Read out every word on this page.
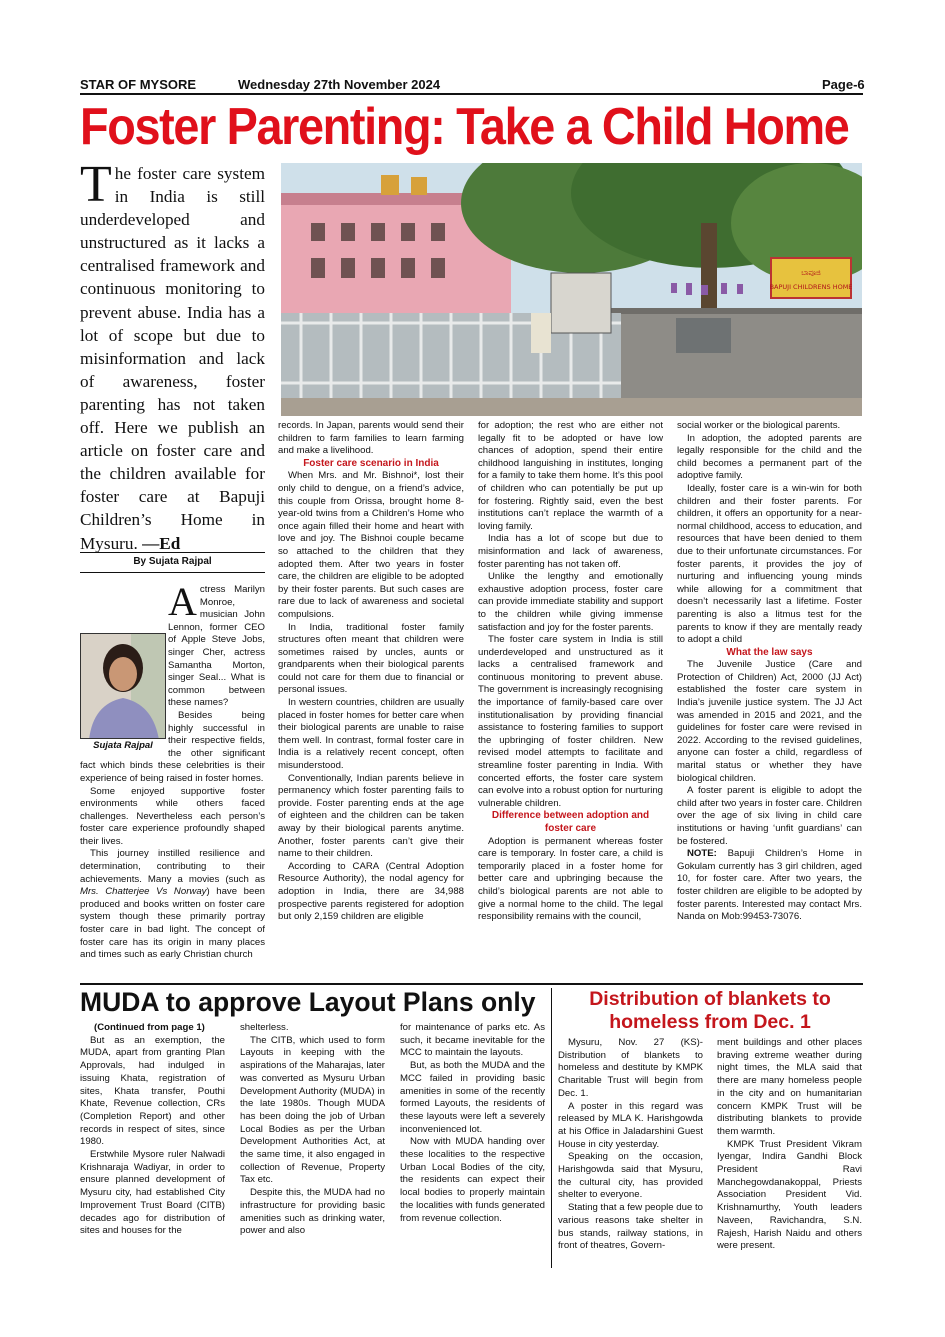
STAR OF MYSORE	Wednesday 27th November 2024	Page-6
Foster Parenting: Take a Child Home
The foster care system in India is still underdeveloped and unstructured as it lacks a centralised framework and continuous monitoring to prevent abuse. India has a lot of scope but due to misinformation and lack of awareness, foster parenting has not taken off. Here we publish an article on foster care and the children available for foster care at Bapuji Children’s Home in Mysuru. —Ed
By Sujata Rajpal
ಬಾಪೂಜಿ
BAPUJI CHILDRENS HOME
Sujata Rajpal

Actress Marilyn Monroe, musician John Lennon, former CEO of Apple Steve Jobs, singer Cher, actress Samantha Morton, singer Seal... What is common between these names?

Besides being highly successful in their respective fields, the other significant fact which binds these celebrities is their experience of being raised in foster homes.

Some enjoyed supportive foster environments while others faced challenges. Nevertheless each person’s foster care experience profoundly shaped their lives.

This journey instilled resilience and determination, contributing to their achievements. Many a movies (such as Mrs. Chatterjee Vs Norway) have been produced and books written on foster care system though these primarily portray foster care in bad light. The concept of foster care has its origin in many places and times such as early Christian church

records. In Japan, parents would send their children to farm families to learn farming and make a livelihood.

Foster care scenario in India

When Mrs. and Mr. Bishnoi*, lost their only child to dengue, on a friend’s advice, this couple from Orissa, brought home 8- year-old twins from a Children’s Home who once again filled their home and heart with love and joy. The Bishnoi couple became so attached to the children that they adopted them. After two years in foster care, the children are eligible to be adopted by their foster parents. But such cases are rare due to lack of awareness and societal compulsions.

In India, traditional foster family structures often meant that children were sometimes raised by uncles, aunts or grandparents when their biological parents could not care for them due to financial or personal issues.

In western countries, children are usually placed in foster homes for better care when their biological parents are unable to raise them well. In contrast, formal foster care in India is a relatively recent concept, often misunderstood.

Conventionally, Indian parents believe in permanency which foster parenting fails to provide. Foster parenting ends at the age of eighteen and the children can be taken away by their biological parents anytime. Another, foster parents can’t give their name to their children.

According to CARA (Central Adoption Resource Authority), the nodal agency for adoption in India, there are 34,988 prospective parents registered for adoption but only 2,159 children are eligible

for adoption; the rest who are either not legally fit to be adopted or have low chances of adoption, spend their entire childhood languishing in institutes, longing for a family to take them home. It’s this pool of children who can potentially be put up for fostering. Rightly said, even the best institutions can’t replace the warmth of a loving family.

India has a lot of scope but due to misinformation and lack of awareness, foster parenting has not taken off.

Unlike the lengthy and emotionally exhaustive adoption process, foster care can provide immediate stability and support to the children while giving immense satisfaction and joy for the foster parents.

The foster care system in India is still underdeveloped and unstructured as it lacks a centralised framework and continuous monitoring to prevent abuse. The government is increasingly recognising the importance of family-based care over institutionalisation by providing financial assistance to fostering families to support the upbringing of foster children. New revised model attempts to facilitate and streamline foster parenting in India. With concerted efforts, the foster care system can evolve into a robust option for nurturing vulnerable children.

Difference between adoption and foster care

Adoption is permanent whereas foster care is temporary. In foster care, a child is temporarily placed in a foster home for better care and upbringing because the child’s biological parents are not able to give a normal home to the child. The legal responsibility remains with the council,

social worker or the biological parents.

In adoption, the adopted parents are legally responsible for the child and the child becomes a permanent part of the adoptive family.

Ideally, foster care is a win-win for both children and their foster parents. For children, it offers an opportunity for a near-normal childhood, access to education, and resources that have been denied to them due to their unfortunate circumstances. For foster parents, it provides the joy of nurturing and influencing young minds while allowing for a commitment that doesn’t necessarily last a lifetime. Foster parenting is also a litmus test for the parents to know if they are mentally ready to adopt a child

What the law says

The Juvenile Justice (Care and Protection of Children) Act, 2000 (JJ Act) established the foster care system in India’s juvenile justice system. The JJ Act was amended in 2015 and 2021, and the guidelines for foster care were revised in 2022. According to the revised guidelines, anyone can foster a child, regardless of marital status or whether they have biological children.

A foster parent is eligible to adopt the child after two years in foster care. Children over the age of six living in child care institutions or having ‘unfit guardians’ can be fostered.

NOTE: Bapuji Children’s Home in Gokulam currently has 3 girl children, aged 10, for foster care. After two years, the foster children are eligible to be adopted by foster parents. Interested may contact Mrs. Nanda on Mob:99453-73076.

MUDA to approve Layout Plans only

(Continued from page 1)

But as an exemption, the MUDA, apart from granting Plan Approvals, had indulged in issuing Khata, registration of sites, Khata transfer, Pouthi Khate, Revenue collection, CRs (Completion Report) and other records in respect of sites, since 1980.

Erstwhile Mysore ruler Nalwadi Krishnaraja Wadiyar, in order to ensure planned development of Mysuru city, had established City Improvement Trust Board (CITB) decades ago for distribution of sites and houses for the

shelterless.

The CITB, which used to form Layouts in keeping with the aspirations of the Maharajas, later was converted as Mysuru Urban Development Authority (MUDA) in the late 1980s. Though MUDA has been doing the job of Urban Local Bodies as per the Urban Development Authorities Act, at the same time, it also engaged in collection of Revenue, Property Tax etc.

Despite this, the MUDA had no infrastructure for providing basic amenities such as drinking water, power and also

for maintenance of parks etc. As such, it became inevitable for the MCC to maintain the layouts.

But, as both the MUDA and the MCC failed in providing basic amenities in some of the recently formed Layouts, the residents of these layouts were left a severely inconvenienced lot.

Now with MUDA handing over these localities to the respective Urban Local Bodies of the city, the residents can expect their local bodies to properly maintain the localities with funds generated from revenue collection.

Distribution of blankets to homeless from Dec. 1

Mysuru, Nov. 27 (KS)- Distribution of blankets to homeless and destitute by KMPK Charitable Trust will begin from Dec. 1.

A poster in this regard was released by MLA K. Harishgowda at his Office in Jaladarshini Guest House in city yesterday.

Speaking on the occasion, Harishgowda said that Mysuru, the cultural city, has provided shelter to everyone.

Stating that a few people due to various reasons take shelter in bus stands, railway stations, in front of theatres, Govern-

ment buildings and other places braving extreme weather during night times, the MLA said that there are many homeless people in the city and on humanitarian concern KMPK Trust will be distributing blankets to provide them warmth.

KMPK Trust President Vikram Iyengar, Indira Gandhi Block President Ravi Manchegowdanakoppal, Priests Association President Vid. Krishnamurthy, Youth leaders Naveen, Ravichandra, S.N. Rajesh, Harish Naidu and others were present.
